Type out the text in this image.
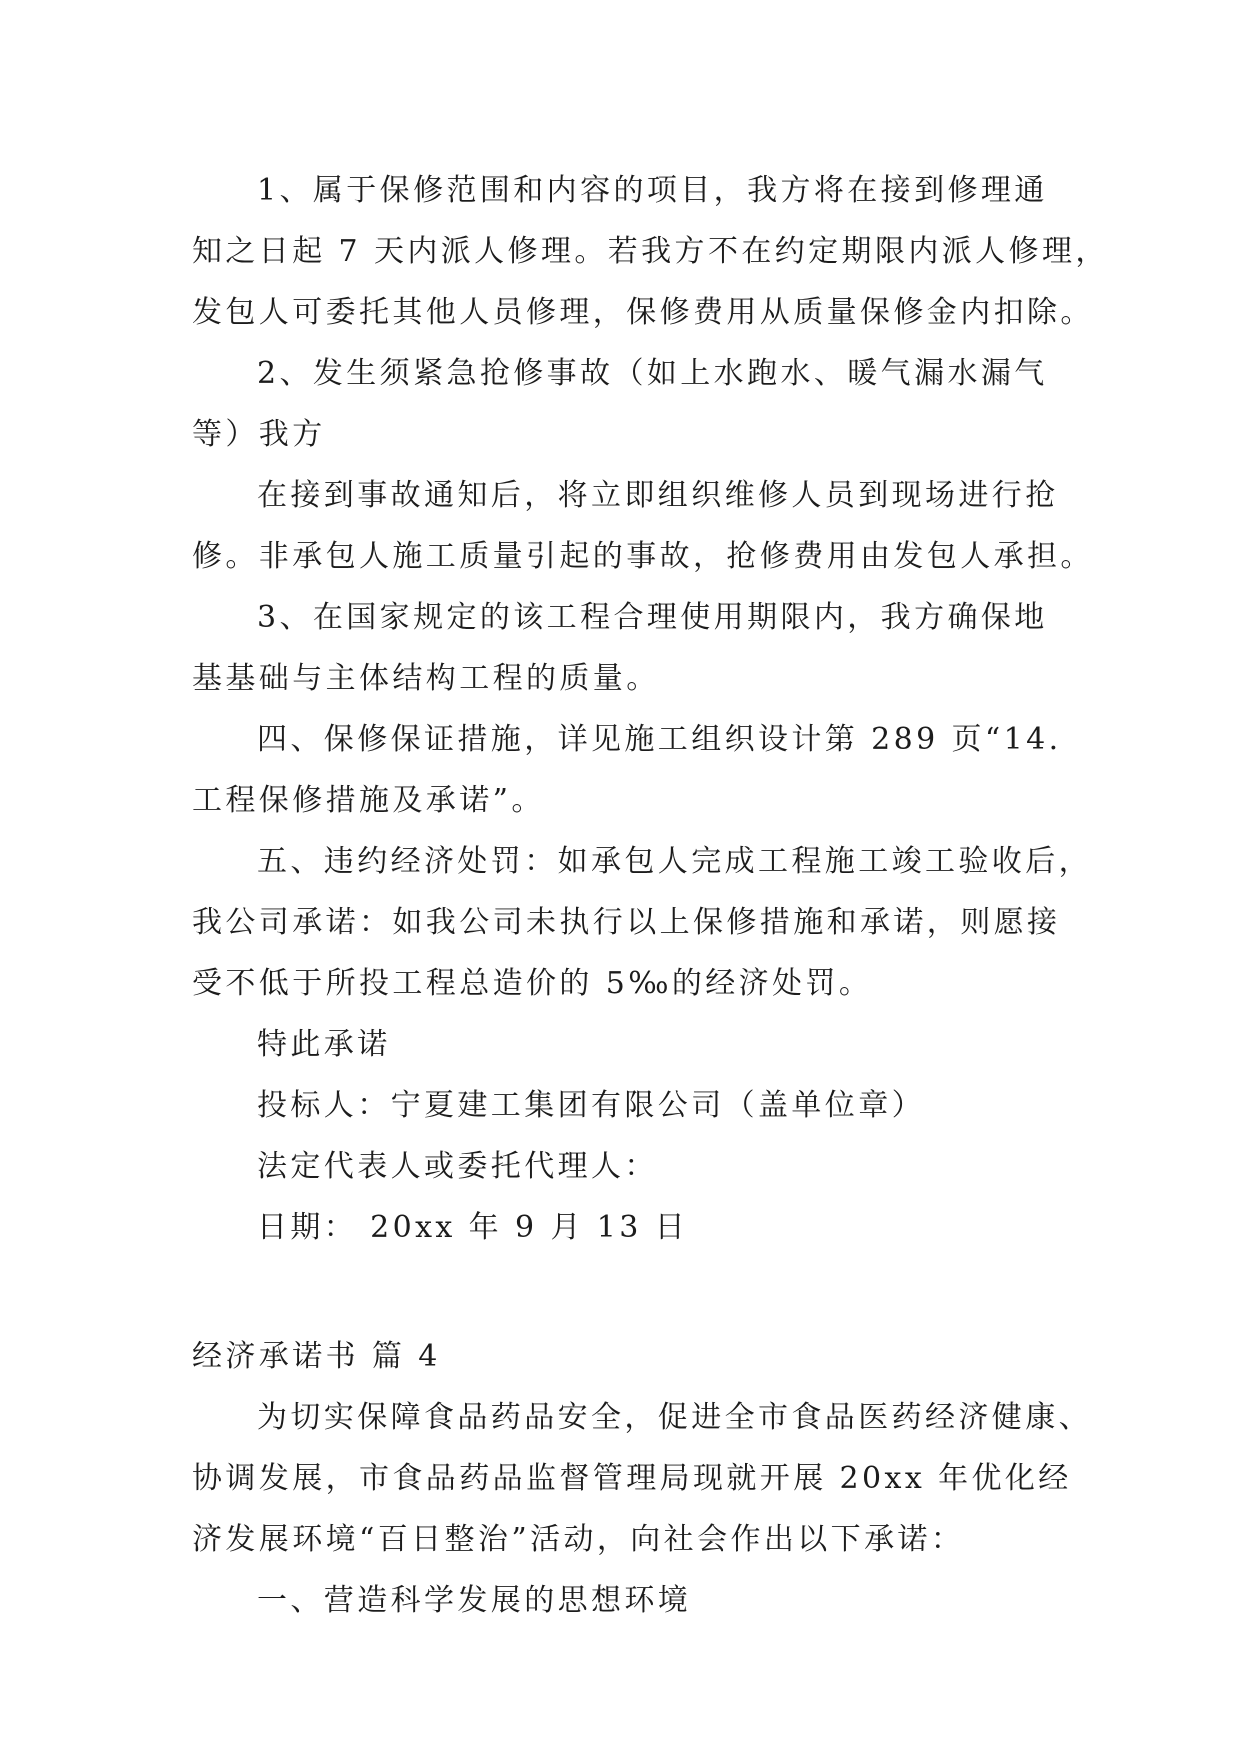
1、属于保修范围和内容的项目，我方将在接到修理通
知之日起 7 天内派人修理。若我方不在约定期限内派人修理，
发包人可委托其他人员修理，保修费用从质量保修金内扣除。
2、发生须紧急抢修事故（如上水跑水、暖气漏水漏气
等）我方
在接到事故通知后，将立即组织维修人员到现场进行抢
修。非承包人施工质量引起的事故，抢修费用由发包人承担。
3、在国家规定的该工程合理使用期限内，我方确保地
基基础与主体结构工程的质量。
四、保修保证措施，详见施工组织设计第 289 页“14.
工程保修措施及承诺”。
五、违约经济处罚：如承包人完成工程施工竣工验收后，
我公司承诺：如我公司未执行以上保修措施和承诺，则愿接
受不低于所投工程总造价的 5‰的经济处罚。
特此承诺
投标人：宁夏建工集团有限公司（盖单位章）
法定代表人或委托代理人：
日期： 20xx 年 9 月 13 日
经济承诺书 篇 4
为切实保障食品药品安全，促进全市食品医药经济健康、
协调发展，市食品药品监督管理局现就开展 20xx 年优化经
济发展环境“百日整治”活动，向社会作出以下承诺：
一、营造科学发展的思想环境
